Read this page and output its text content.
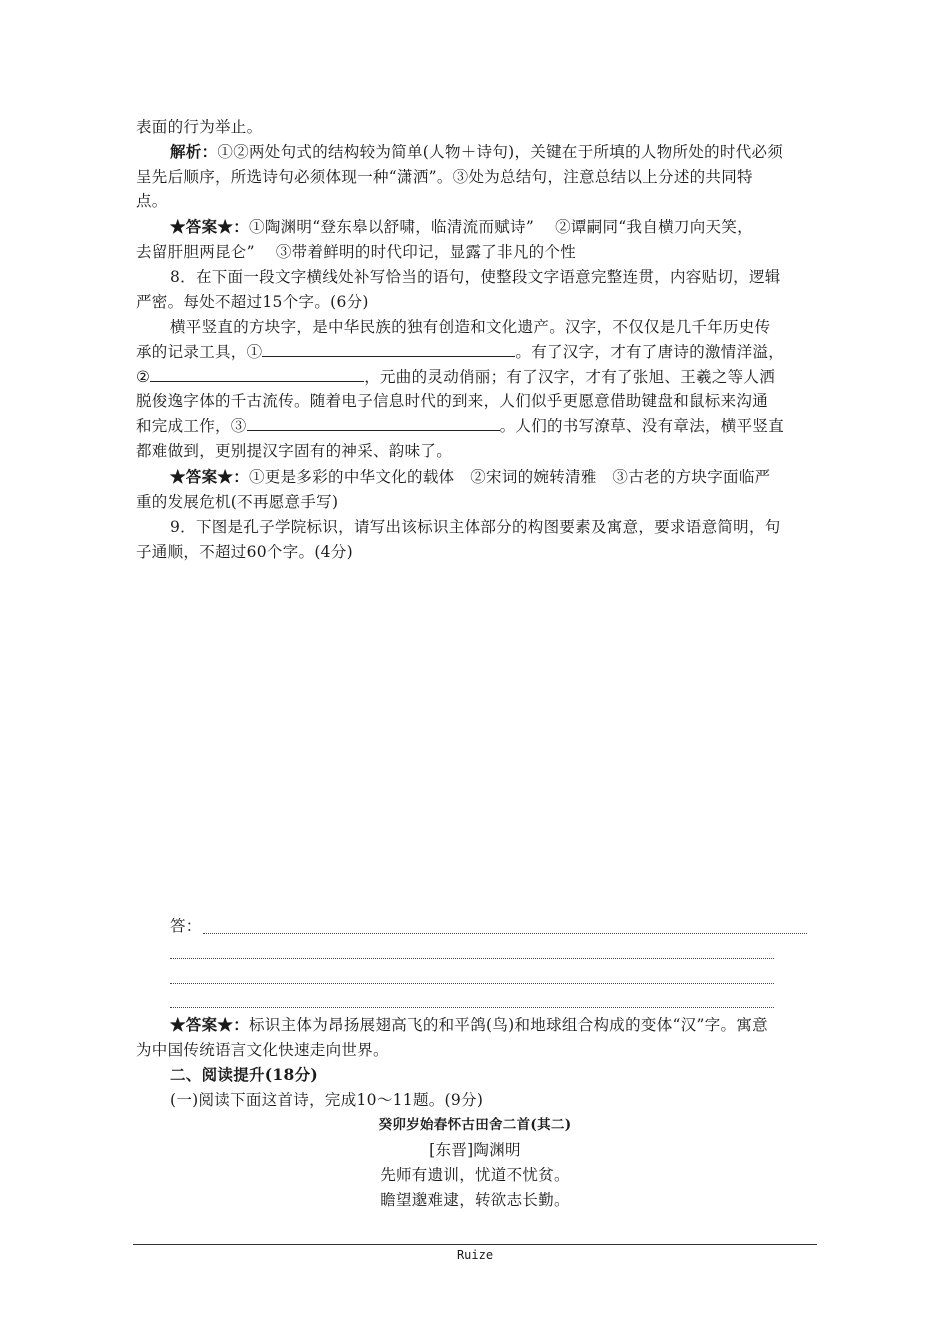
表面的行为举止。
解析：①②两处句式的结构较为简单(人物＋诗句)，关键在于所填的人物所处的时代必须
呈先后顺序，所选诗句必须体现一种“潇洒”。③处为总结句，注意总结以上分述的共同特
点。
★答案★：①陶渊明“登东皋以舒啸，临清流而赋诗” 　②谭嗣同“我自横刀向天笑，
去留肝胆两昆仑” 　③带着鲜明的时代印记，显露了非凡的个性
8．在下面一段文字横线处补写恰当的语句，使整段文字语意完整连贯，内容贴切，逻辑
严密。每处不超过15个字。(6分)
横平竖直的方块字，是中华民族的独有创造和文化遗产。汉字，不仅仅是几千年历史传
承的记录工具，①	。有了汉字，才有了唐诗的激情洋溢，
②	，元曲的灵动俏丽；有了汉字，才有了张旭、王羲之等人洒
脱俊逸字体的千古流传。随着电子信息时代的到来，人们似乎更愿意借助键盘和鼠标来沟通
和完成工作，③	。人们的书写潦草、没有章法，横平竖直
都难做到，更别提汉字固有的神采、韵味了。
★答案★：①更是多彩的中华文化的载体　②宋词的婉转清雅　③古老的方块字面临严
重的发展危机(不再愿意手写)
9．下图是孔子学院标识，请写出该标识主体部分的构图要素及寓意，要求语意简明，句
子通顺，不超过60个字。(4分)
答：
★答案★：标识主体为昂扬展翅高飞的和平鸽(鸟)和地球组合构成的变体“汉”字。寓意
为中国传统语言文化快速走向世界。
二、阅读提升(18分)
(一)阅读下面这首诗，完成10～11题。(9分)
癸卯岁始春怀古田舍二首(其二)
[东晋]陶渊明
先师有遗训，忧道不忧贫。
瞻望邈难逮，转欲志长勤。
Ruize
